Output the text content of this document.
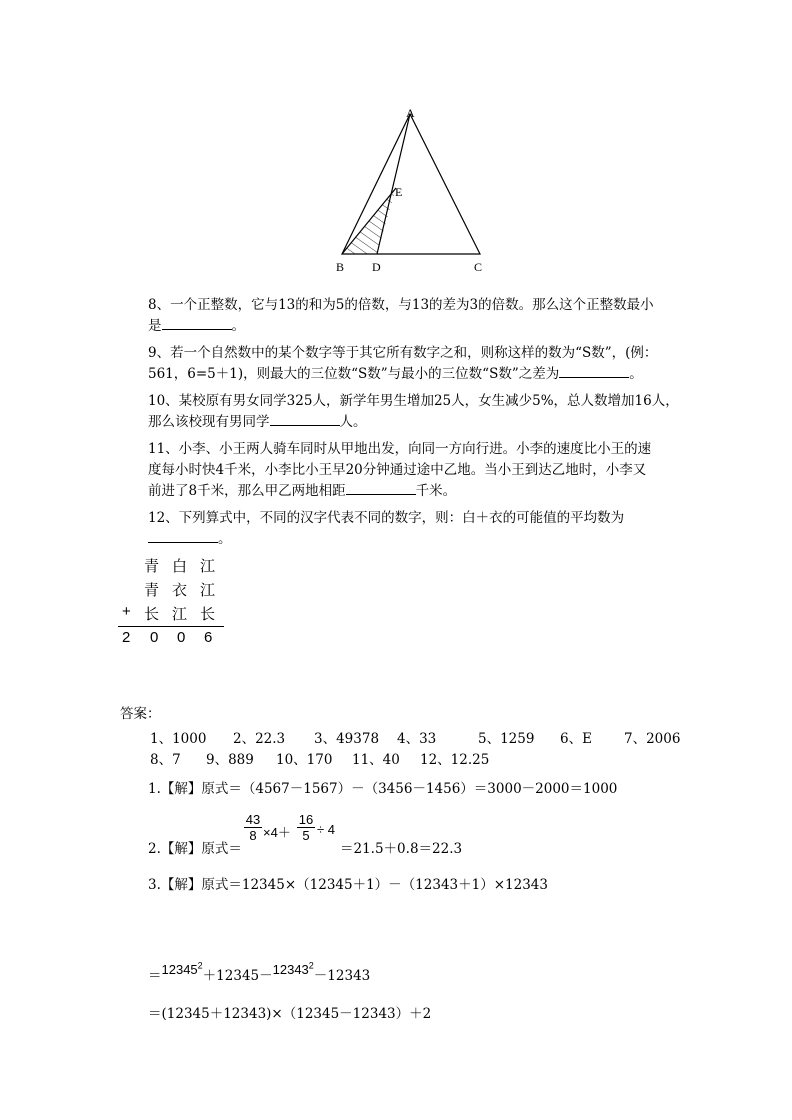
A
E
B D	C
8、一个正整数，它与13的和为5的倍数，与13的差为3的倍数。那么这个正整数最小
是	。
9、若一个自然数中的某个数字等于其它所有数字之和，则称这样的数为“S数”，(例：
561，6=5＋1)，则最大的三位数“S数”与最小的三位数“S数”之差为	。
10、某校原有男女同学325人，新学年男生增加25人，女生减少5%，总人数增加16人，
那么该校现有男同学	人。
11、小李、小王两人骑车同时从甲地出发，向同一方向行进。小李的速度比小王的速
度每小时快4千米，小李比小王早20分钟通过途中乙地。当小王到达乙地时，小李又
前进了8千米，那么甲乙两地相距	千米。
12、下列算式中，不同的汉字代表不同的数字，则：白＋衣的可能值的平均数为
。
青 白 江
青 衣 江
+ 长 江 长
2 0 0 6
答案：
1、1000 2、22.3 3、49378 4、33	5、1259 6、E 7、2006
8、7 9、889 10、170 11、40 12、12.25
1.【解】原式＝（4567－1567）－（3456－1456）＝3000－2000＝1000
2.【解】原式＝
$\frac{43}{8} \times 4+ \frac{16}{5} \div 4$
＝21.5＋0.8＝22.3
3.【解】原式＝12345×（12345＋1）－（12343＋1）×12343
$=12345^2+12345-12343^2-12343$
＝(12345＋12343)×（12345－12343）＋2
